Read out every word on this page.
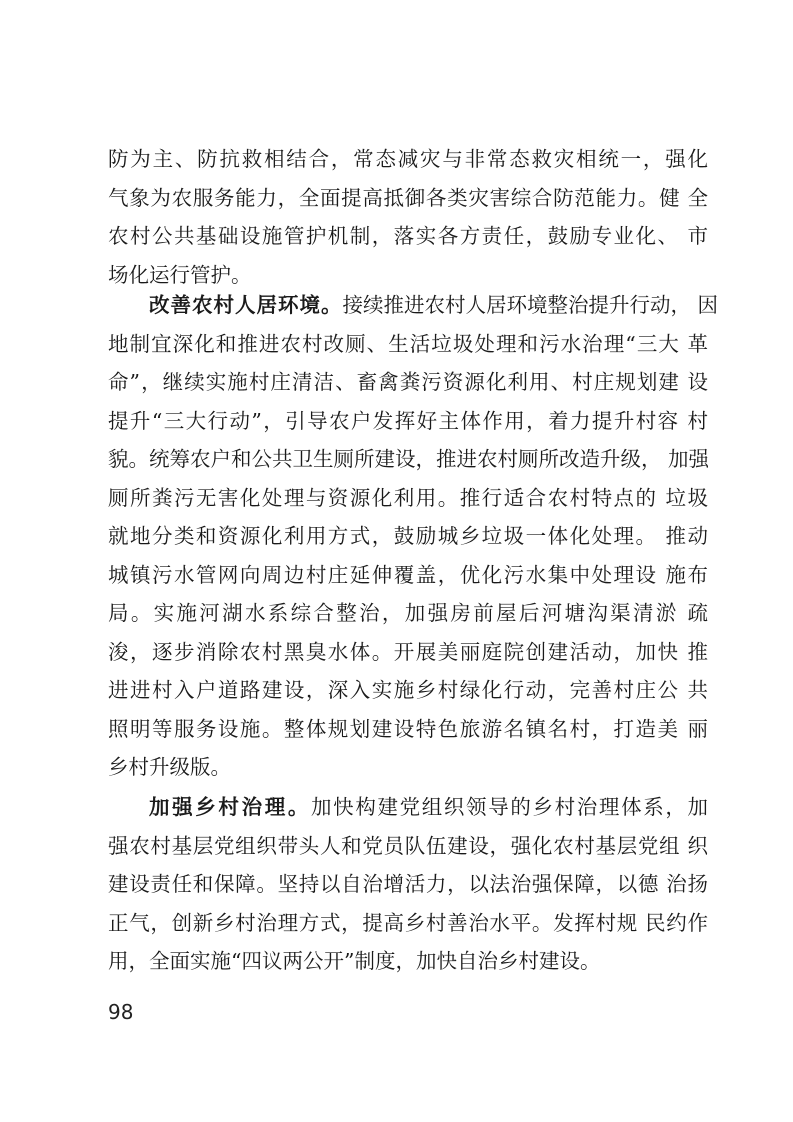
防为主、防抗救相结合，常态减灾与非常态救灾相统一，强化
气象为农服务能力，全面提高抵御各类灾害综合防范能力。健 全
农村公共基础设施管护机制，落实各方责任，鼓励专业化、 市
场化运行管护。
改善农村人居环境。接续推进农村人居环境整治提升行动， 因
地制宜深化和推进农村改厕、生活垃圾处理和污水治理“三大 革
命”，继续实施村庄清洁、畜禽粪污资源化利用、村庄规划建 设
提升“三大行动”，引导农户发挥好主体作用，着力提升村容 村
貌。统筹农户和公共卫生厕所建设，推进农村厕所改造升级， 加强
厕所粪污无害化处理与资源化利用。推行适合农村特点的 垃圾
就地分类和资源化利用方式，鼓励城乡垃圾一体化处理。 推动
城镇污水管网向周边村庄延伸覆盖，优化污水集中处理设 施布
局。实施河湖水系综合整治，加强房前屋后河塘沟渠清淤 疏
浚，逐步消除农村黑臭水体。开展美丽庭院创建活动，加快 推
进进村入户道路建设，深入实施乡村绿化行动，完善村庄公 共
照明等服务设施。整体规划建设特色旅游名镇名村，打造美 丽
乡村升级版。
加强乡村治理。加快构建党组织领导的乡村治理体系，加
强农村基层党组织带头人和党员队伍建设，强化农村基层党组 织
建设责任和保障。坚持以自治增活力，以法治强保障，以德 治扬
正气，创新乡村治理方式，提高乡村善治水平。发挥村规 民约作
用，全面实施“四议两公开”制度，加快自治乡村建设。
98
